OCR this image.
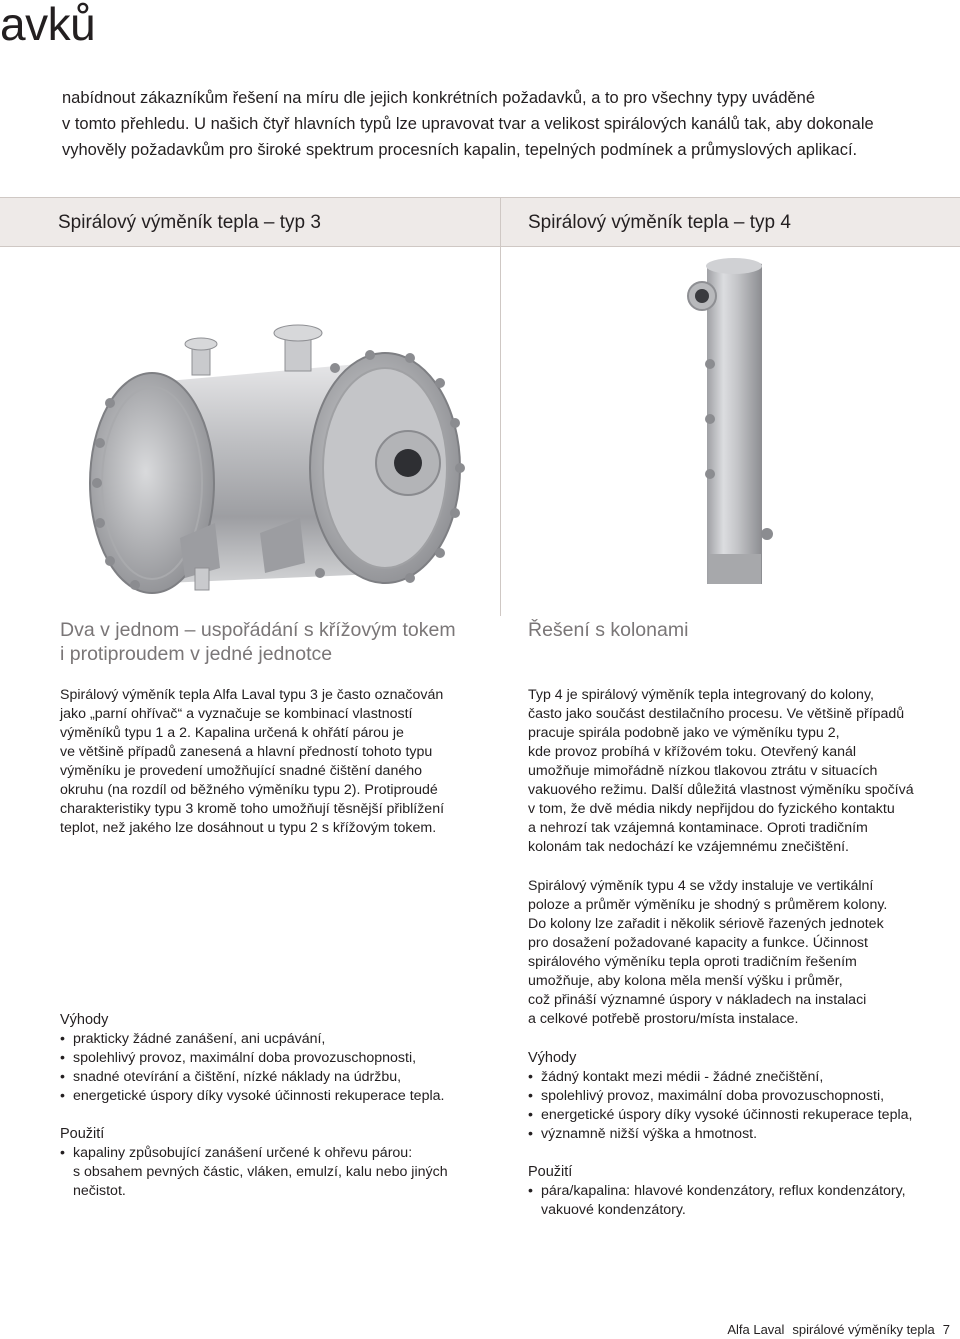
avků

nabídnout zákazníkům řešení na míru dle jejich konkrétních požadavků, a to pro všechny typy uváděné

v tomto přehledu. U našich čtyř hlavních typů lze upravovat tvar a velikost spirálových kanálů tak, aby dokonale

vyhověly požadavkům pro široké spektrum procesních kapalin, tepelných podmínek a průmyslových aplikací.

Spirálový výměník tepla – typ 3	Spirálový výměník tepla – typ 4
Dva v jednom – uspořádání s křížovým tokem
i protiproudem v jedné jednotce

Spirálový výměník tepla Alfa Laval typu 3 je často označován

jako „parní ohřívač“ a vyznačuje se kombinací vlastností

výměníků typu 1 a 2. Kapalina určená k ohřátí párou je

ve většině případů zanesená a hlavní předností tohoto typu

výměníku je provedení umožňující snadné čištění daného

okruhu (na rozdíl od běžného výměníku typu 2). Protiproudé

charakteristiky typu 3 kromě toho umožňují těsnější přiblížení

teplot, než jakého lze dosáhnout u typu 2 s křížovým tokem.

Výhody

• prakticky žádné zanášení, ani ucpávání,
• spolehlivý provoz, maximální doba provozuschopnosti,
• snadné otevírání a čištění, nízké náklady na údržbu,
• energetické úspory díky vysoké účinnosti rekuperace tepla.

Použití

• kapaliny způsobující zanášení určené k ohřevu párou:

s obsahem pevných částic, vláken, emulzí, kalu nebo jiných

nečistot.

Řešení s kolonami

Typ 4 je spirálový výměník tepla integrovaný do kolony,

často jako součást destilačního procesu. Ve většině případů

pracuje spirála podobně jako ve výměníku typu 2,

kde provoz probíhá v křížovém toku. Otevřený kanál

umožňuje mimořádně nízkou tlakovou ztrátu v situacích

vakuového režimu. Další důležitá vlastnost výměníku spočívá

v tom, že dvě média nikdy nepřijdou do fyzického kontaktu

a nehrozí tak vzájemná kontaminace. Oproti tradičním

kolonám tak nedochází ke vzájemnému znečištění.

Spirálový výměník typu 4 se vždy instaluje ve vertikální

poloze a průměr výměníku je shodný s průměrem kolony.

Do kolony lze zařadit i několik sériově řazených jednotek

pro dosažení požadované kapacity a funkce. Účinnost

spirálového výměníku tepla oproti tradičním řešením

umožňuje, aby kolona měla menší výšku i průměr,

což přináší významné úspory v nákladech na instalaci

a celkové potřebě prostoru/místa instalace.

Výhody

• žádný kontakt mezi médii - žádné znečištění,
• spolehlivý provoz, maximální doba provozuschopnosti,
• energetické úspory díky vysoké účinnosti rekuperace tepla,
• významně nižší výška a hmotnost.

Použití

• pára/kapalina: hlavové kondenzátory, reflux kondenzátory,

vakuové kondenzátory.

Alfa Laval spirálové výměníky tepla 7
